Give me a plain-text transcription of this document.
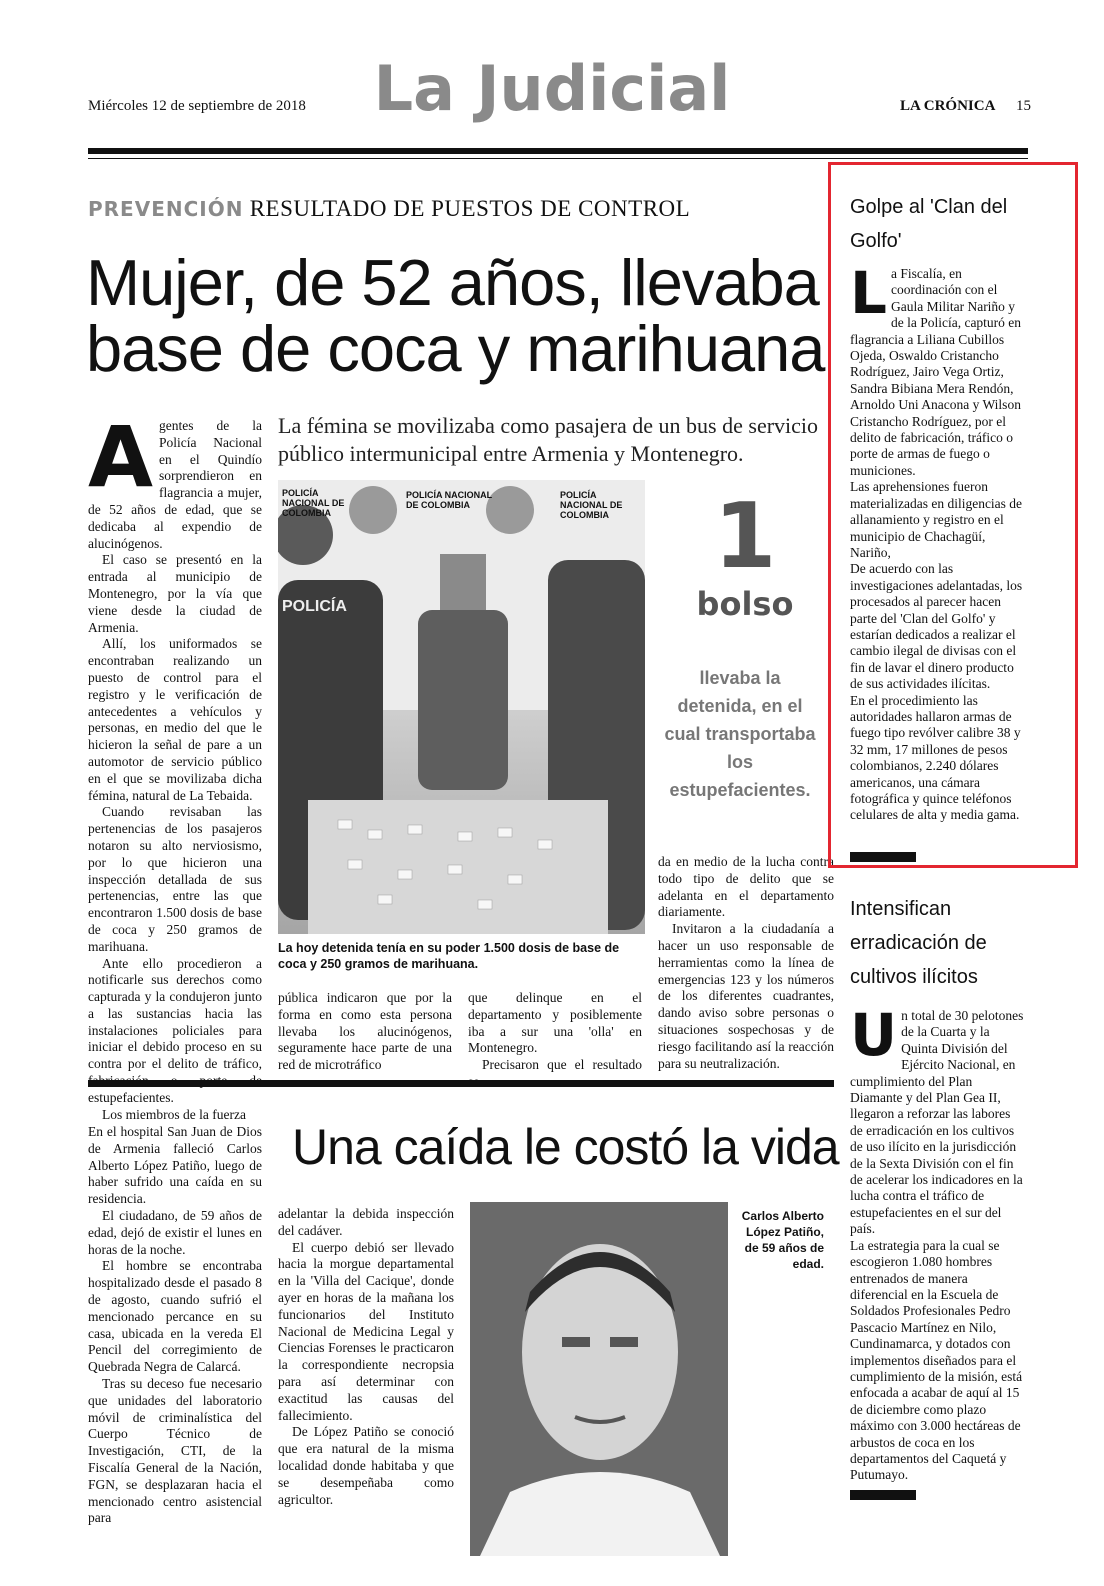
Miércoles 12 de septiembre de 2018	La Judicial	LA CRÓNICA 15
PREVENCIÓN RESULTADO DE PUESTOS DE CONTROL
Mujer, de 52 años, llevaba base de coca y marihuana
La fémina se movilizaba como pasajera de un bus de servicio público intermunicipal entre Armenia y Montenegro.
A gentes de la Policía Nacional en el Quindío sorprendieron en flagrancia a mujer, de 52 años de edad, que se dedicaba al expendio de alucinógenos.

El caso se presentó en la entrada al municipio de Montenegro, por la vía que viene desde la ciudad de Armenia.

Allí, los uniformados se encontraban realizando un puesto de control para el registro y le verificación de antecedentes a vehículos y personas, en medio del que le hicieron la señal de pare a un automotor de servicio público en el que se movilizaba dicha fémina, natural de La Tebaida.

Cuando revisaban las pertenencias de los pasajeros notaron su alto nerviosismo, por lo que hicieron una inspección detallada de sus pertenencias, entre las que encontraron 1.500 dosis de base de coca y 250 gramos de marihuana.

Ante ello procedieron a notificarle sus derechos como capturada y la condujeron junto a las sustancias hacia las instalaciones policiales para iniciar el debido proceso en su contra por el delito de tráfico, estupefacientes.

Los miembros de la fuerza

POLICÍA NACIONAL DE COLOMBIA
POLICÍA NACIONAL DE COLOMBIA
POLICÍA NACIONAL DE COLOMBIA
POLICÍA
La hoy detenida tenía en su poder 1.500 dosis de base de coca y 250 gramos de marihuana.
1
bolso
llevaba la detenida, en el cual transportaba los estupefacientes.

pública indicaron que por la forma en como esta persona llevaba los alucinógenos, seguramente hace parte de una red de microtráfico

que delinque en el departamento y posiblemente iba a sur una 'olla' en Montenegro.

Precisaron que el resultado

da en medio de la lucha contra todo tipo de delito que se adelanta en el departamento diariamente.

Invitaron a la ciudadanía a hacer un uso responsable de herramientas como la línea de emergencias 123 y los números de los diferentes cuadrantes, dando aviso sobre personas o situaciones sospechosas y de riesgo facilitando así la reacción para su neutralización.

En el hospital San Juan de Dios de Armenia falleció Carlos Alberto López Patiño, luego de haber sufrido una caída en su residencia.

El ciudadano, de 59 años de edad, dejó de existir el lunes en horas de la noche.

El hombre se encontraba hospitalizado desde el pasado 8 de agosto, cuando sufrió el mencionado percance en su casa, ubicada en la vereda El Pencil del corregimiento de Quebrada Negra de Calarcá.

Tras su deceso fue necesario que unidades del laboratorio móvil de criminalística del Cuerpo Técnico de Investigación, CTI, de la Fiscalía General de la Nación, FGN, se desplazaran hacia el mencionado centro asistencial para

Una caída le costó la vida

adelantar la debida inspección del cadáver.

El cuerpo debió ser llevado hacia la morgue departamental en la 'Villa del Cacique', donde ayer en horas de la mañana los funcionarios del Instituto Nacional de Medicina Legal y Ciencias Forenses le practicaron la correspondiente necropsia para así determinar con exactitud las causas del fallecimiento.

De López Patiño se conoció que era natural de la misma localidad donde habitaba y que se desempeñaba como agricultor.

Carlos Alberto López Patiño, de 59 años de edad.
Golpe al 'Clan del Golfo'
L a Fiscalía, en coordinación con el Gaula Militar Nariño y de la Policía, capturó en flagrancia a Liliana Cubillos Ojeda, Oswaldo Cristancho Rodríguez, Jairo Vega Ortiz, Sandra Bibiana Mera Rendón, Arnoldo Uni Anacona y Wilson Cristancho Rodríguez, por el delito de fabricación, tráfico o porte de armas de fuego o municiones.

Las aprehensiones fueron materializadas en diligencias de allanamiento y registro en el municipio de Chachagüí, Nariño,

De acuerdo con las investigaciones adelantadas, los procesados al parecer hacen parte del 'Clan del Golfo' y estarían dedicados a realizar el cambio ilegal de divisas con el fin de lavar el dinero producto de sus actividades ilícitas.

En el procedimiento las autoridades hallaron armas de fuego tipo revólver calibre 38 y 32 mm, 17 millones de pesos colombianos, 2.240 dólares americanos, una cámara fotográfica y quince teléfonos celulares de alta y media gama.

Intensifican erradicación de cultivos ilícitos
U n total de 30 pelotones de la Cuarta y la Quinta División del Ejército Nacional, en cumplimiento del Plan Diamante y del Plan Gea II, llegaron a reforzar las labores de erradicación en los cultivos de uso ilícito en la jurisdicción de la Sexta División con el fin de acelerar los indicadores en la lucha contra el tráfico de estupefacientes en el sur del país.

La estrategia para la cual se escogieron 1.080 hombres entrenados de manera diferencial en la Escuela de Soldados Profesionales Pedro Pascacio Martínez en Nilo, Cundinamarca, y dotados con implementos diseñados para el cumplimiento de la misión, está enfocada a acabar de aquí al 15 de diciembre como plazo máximo con 3.000 hectáreas de arbustos de coca en los departamentos del Caquetá y Putumayo.
